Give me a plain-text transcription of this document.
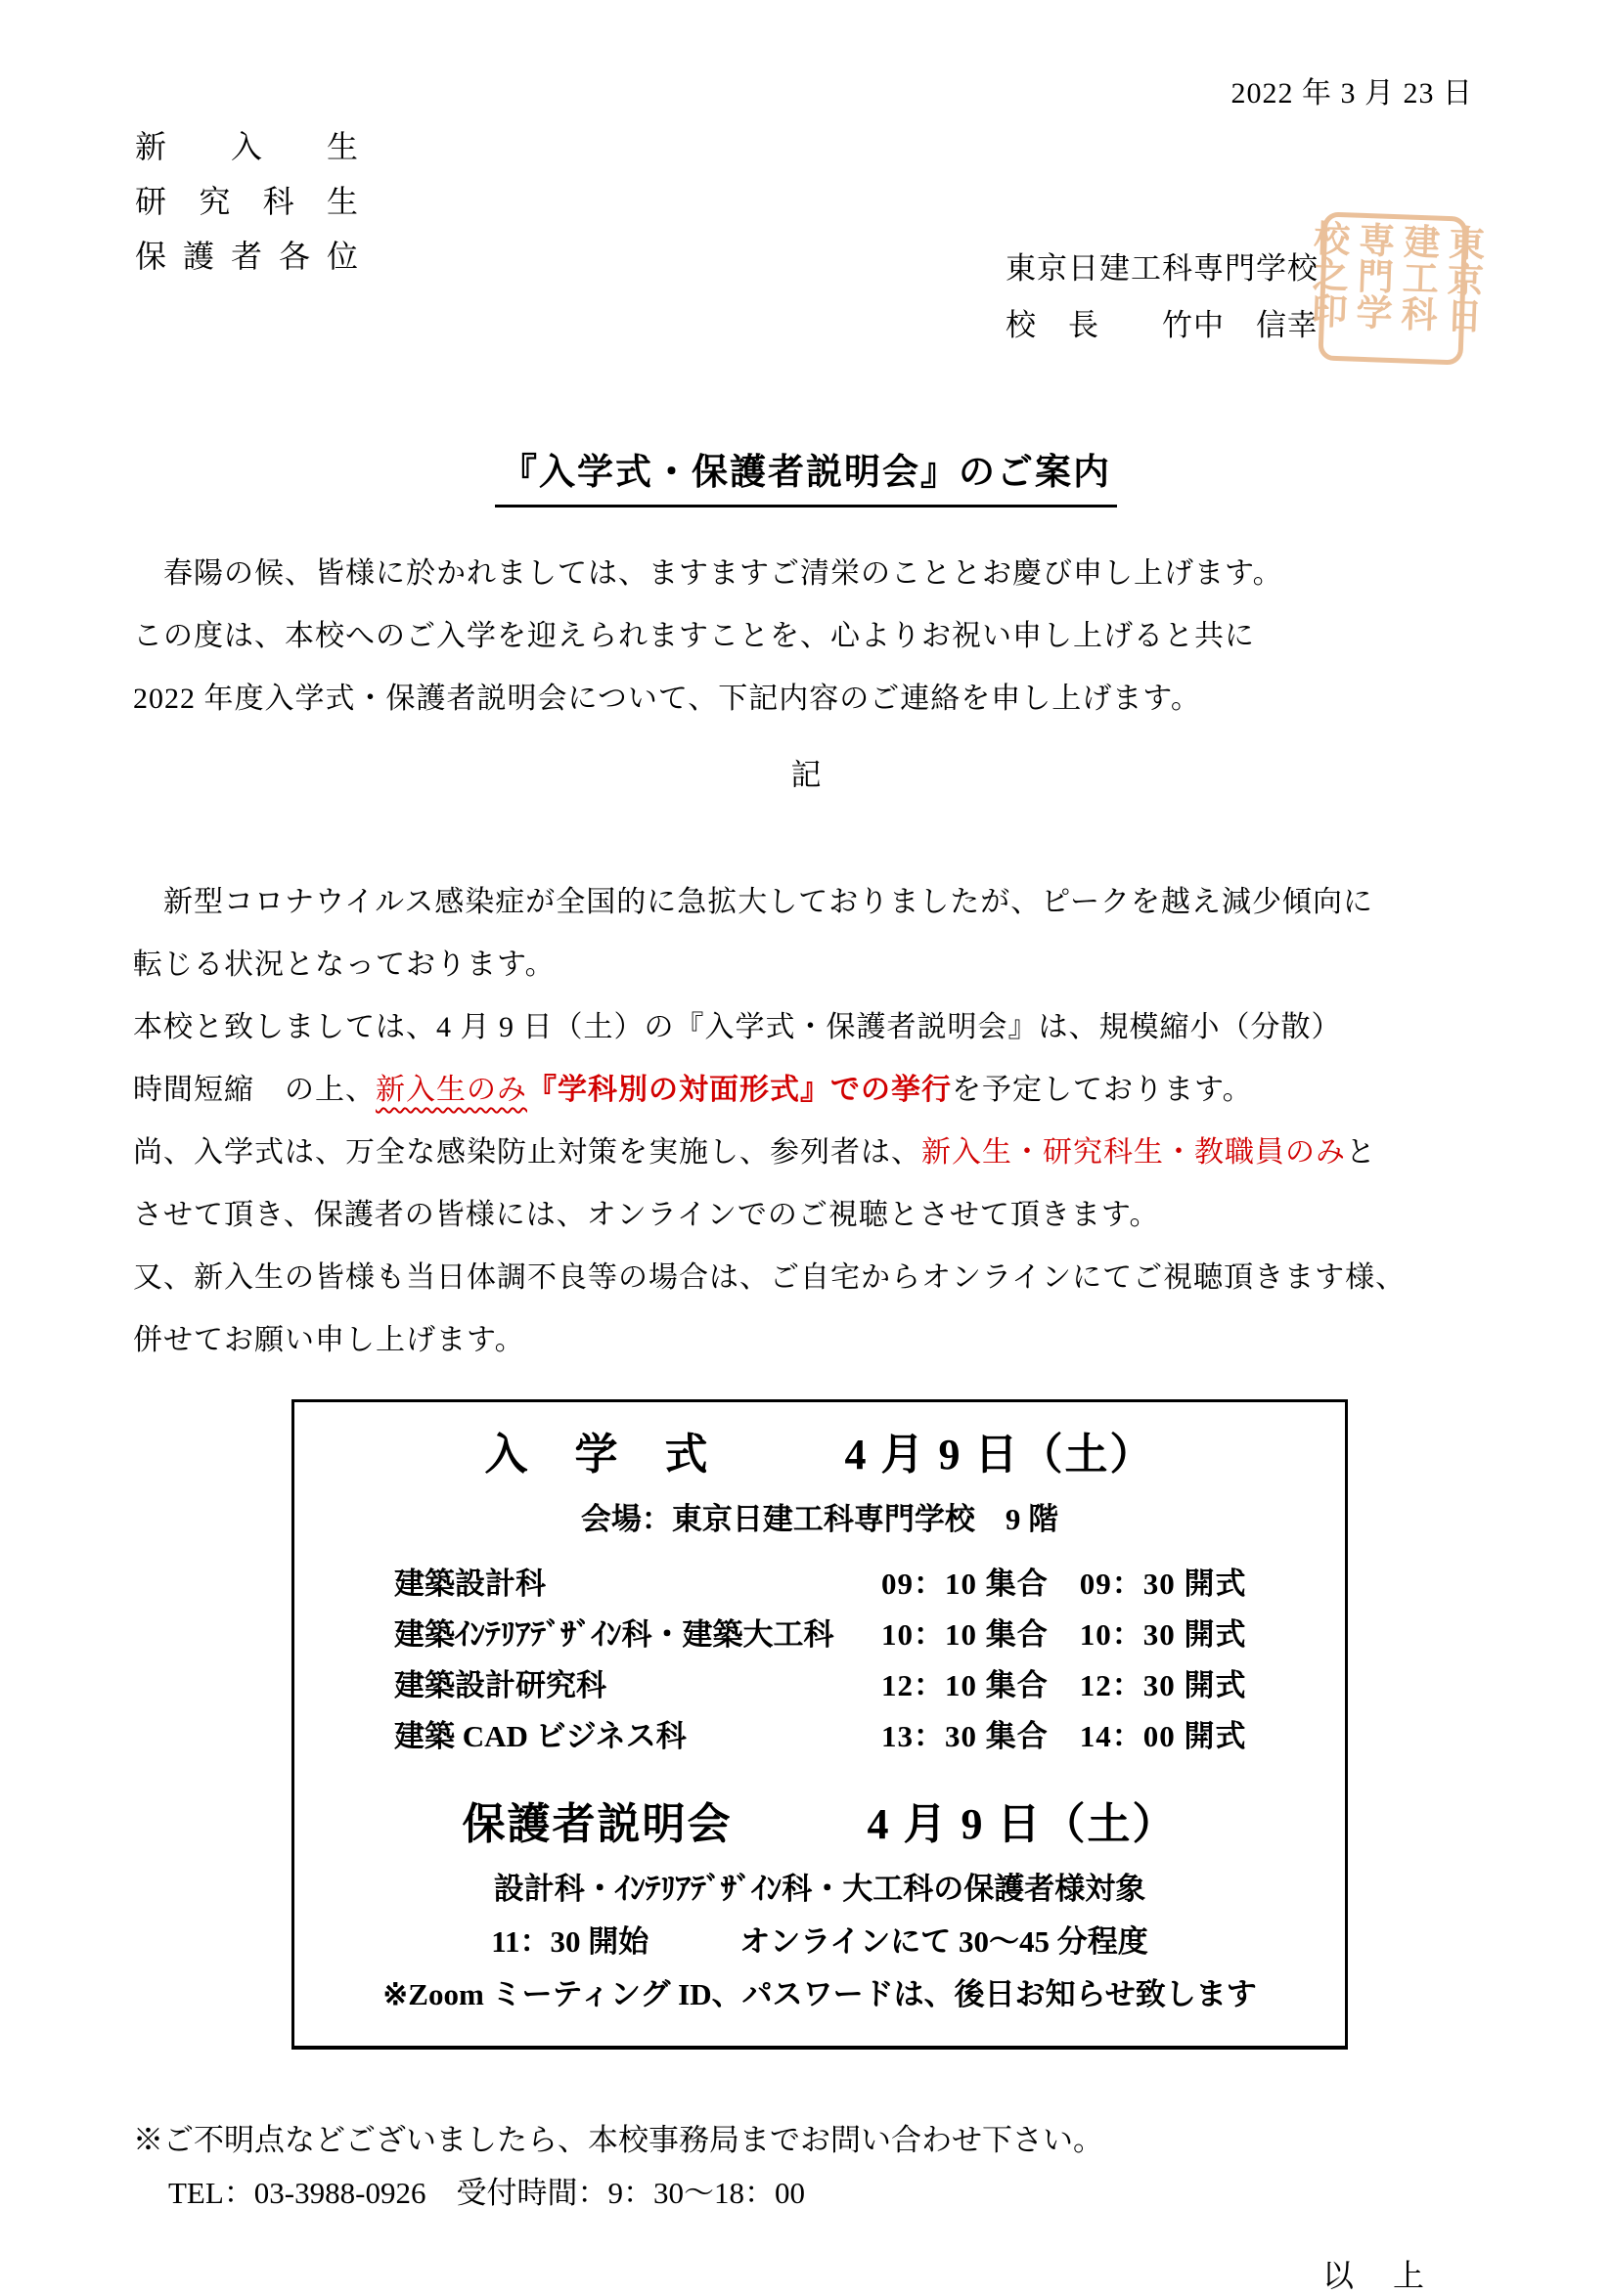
2022 年 3 月 23 日
新 入 生
研 究 科 生
保 護 者 各 位	東京日建工科専門学校
校　長　　竹中　信幸	東京日建工科専門学校之印
『入学式・保護者説明会』のご案内

　春陽の候、皆様に於かれましては、ますますご清栄のこととお慶び申し上げます。
この度は、本校へのご入学を迎えられますことを、心よりお祝い申し上げると共に
2022 年度入学式・保護者説明会について、下記内容のご連絡を申し上げます。

記

　新型コロナウイルス感染症が全国的に急拡大しておりましたが、ピークを越え減少傾向に
転じる状況となっております。

本校と致しましては、4 月 9 日（土）の『入学式・保護者説明会』は、規模縮小（分散）
時間短縮　の上、新入生のみ『学科別の対面形式』での挙行を予定しております。

尚、入学式は、万全な感染防止対策を実施し、参列者は、新入生・研究科生・教職員のみと
させて頂き、保護者の皆様には、オンラインでのご視聴とさせて頂きます。
又、新入生の皆様も当日体調不良等の場合は、ご自宅からオンラインにてご視聴頂きます様、
併せてお願い申し上げます。

入　学　式　　　4 月 9 日（土）
会場：東京日建工科専門学校　9 階
建築設計科	09：10 集合　09：30 開式
建築ｲﾝﾃﾘｱﾃﾞｻﾞｲﾝ科・建築大工科	10：10 集合　10：30 開式
建築設計研究科	12：10 集合　12：30 開式
建築 CAD ビジネス科	13：30 集合　14：00 開式
保護者説明会　　　4 月 9 日（土）
設計科・ｲﾝﾃﾘｱﾃﾞｻﾞｲﾝ科・大工科の保護者様対象
11：30 開始　　　オンラインにて 30～45 分程度
※Zoom ミーティング ID、パスワードは、後日お知らせ致します
※ご不明点などございましたら、本校事務局までお問い合わせ下さい。
TEL：03-3988-0926　受付時間：9：30～18：00
以　上
